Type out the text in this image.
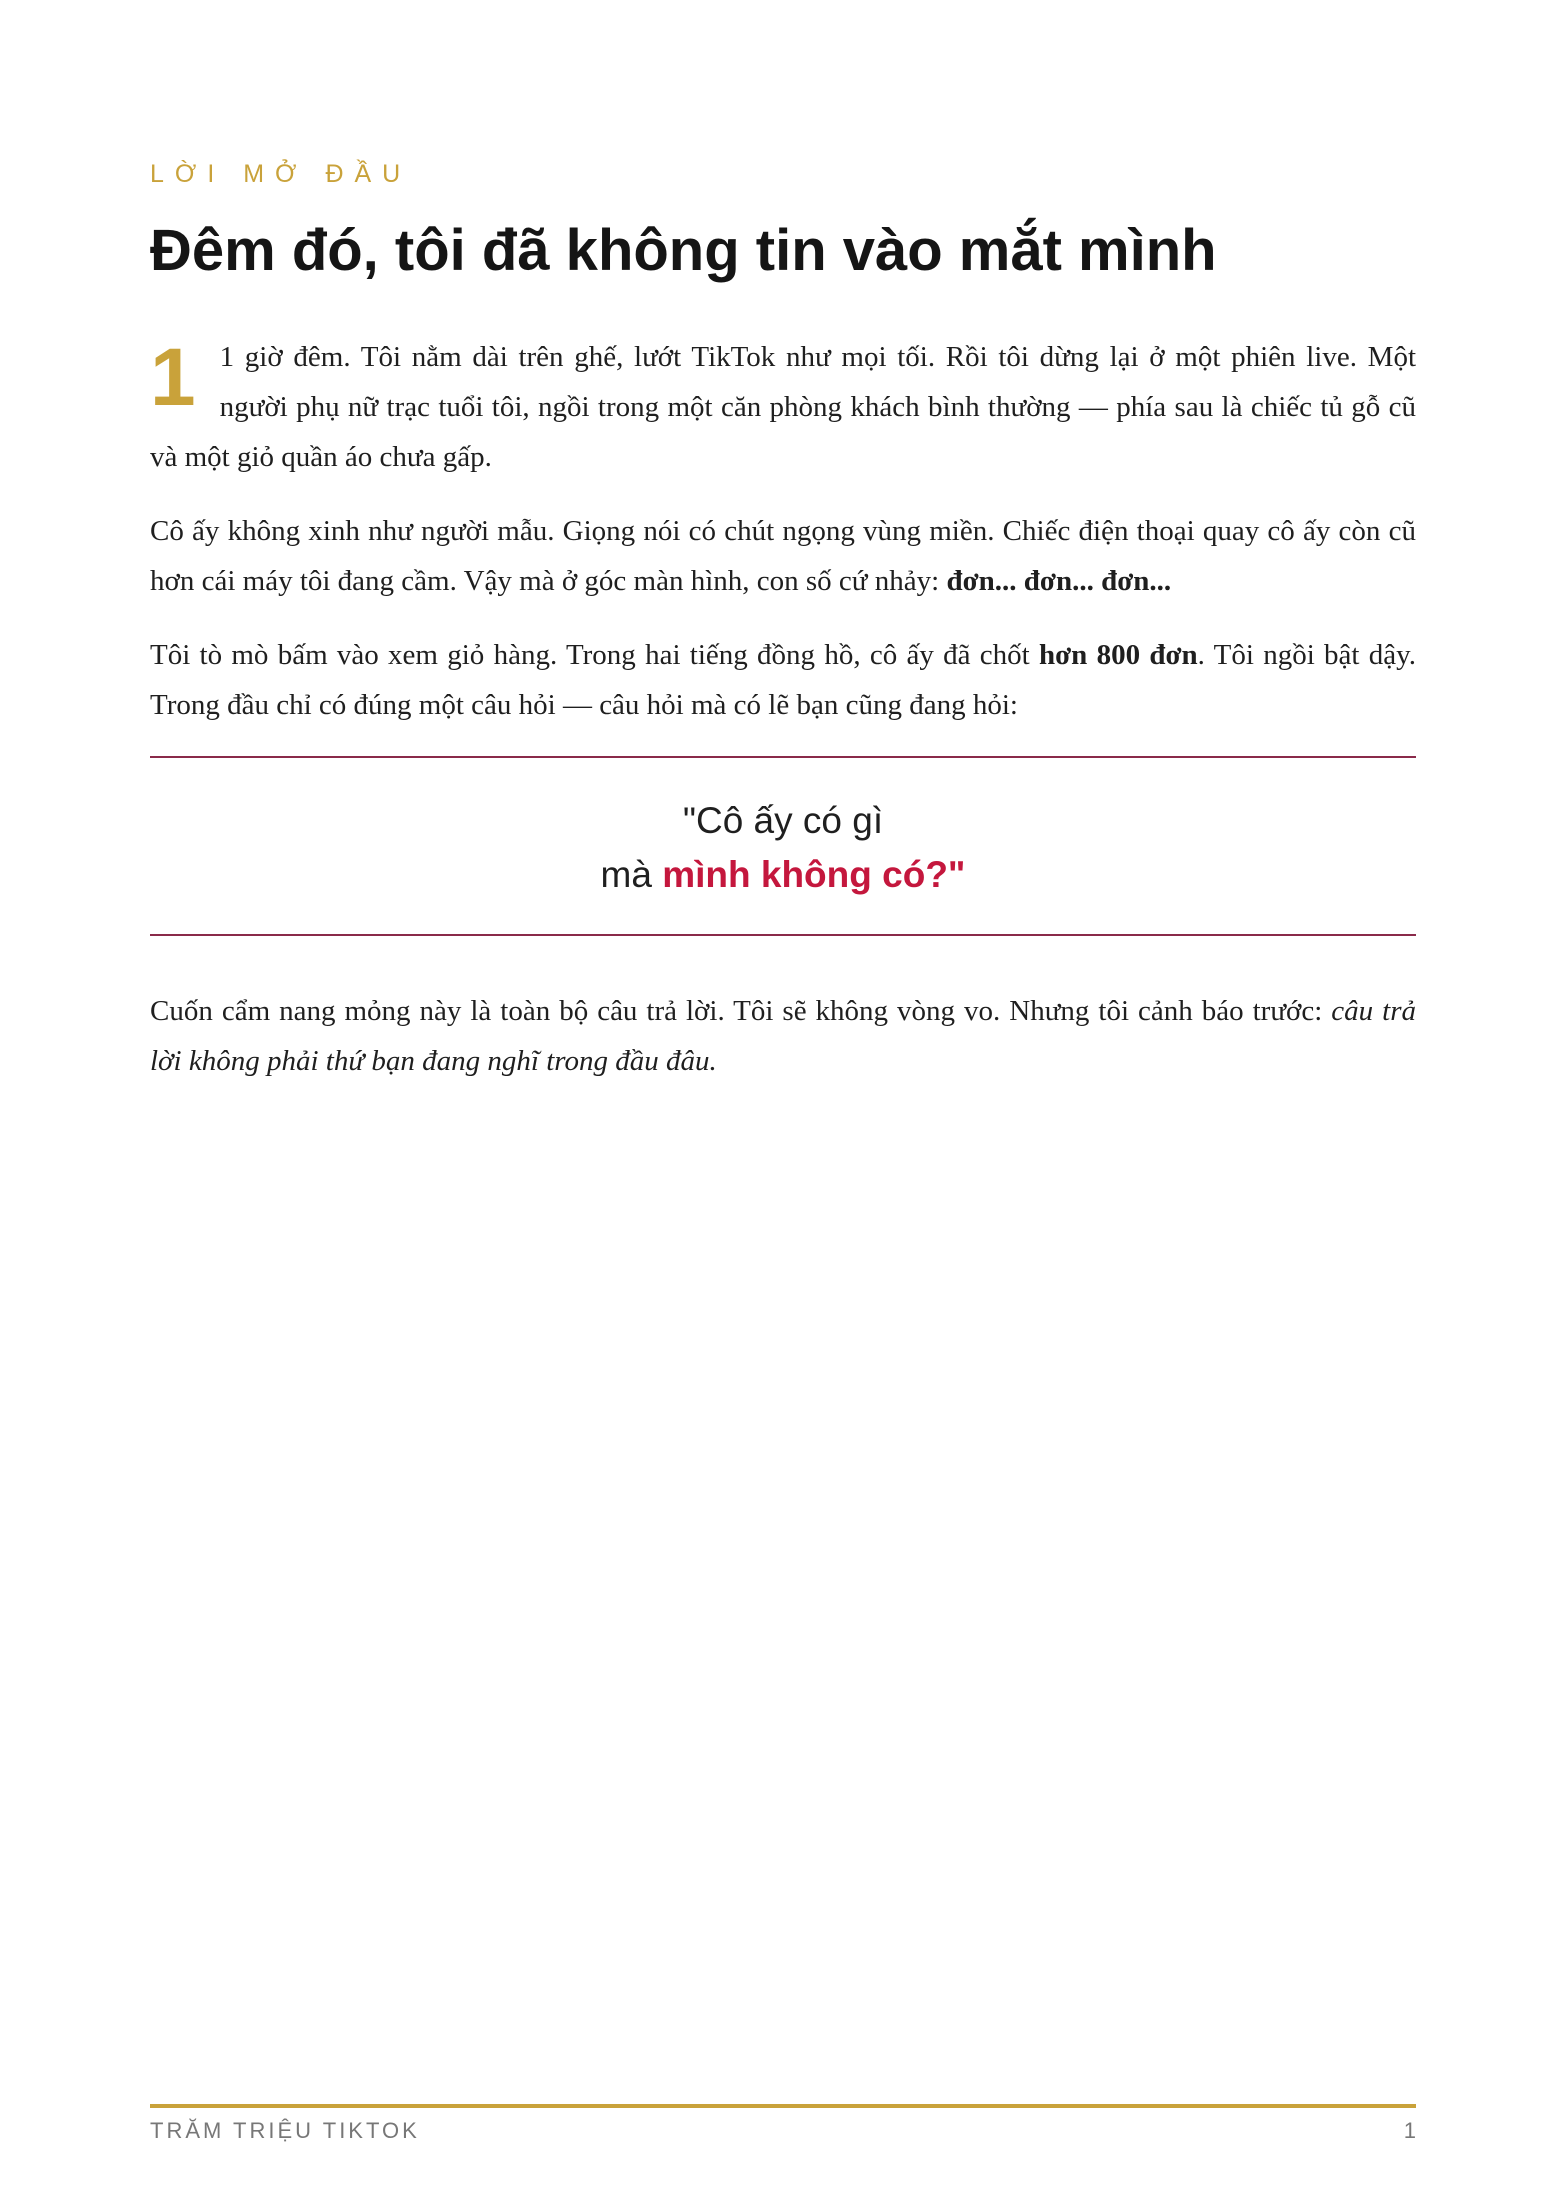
LỜI MỞ ĐẦU
Đêm đó, tôi đã không tin vào mắt mình

1 1 giờ đêm. Tôi nằm dài trên ghế, lướt TikTok như mọi tối. Rồi tôi dừng lại ở một phiên live. Một người phụ nữ trạc tuổi tôi, ngồi trong một căn phòng khách bình thường — phía sau là chiếc tủ gỗ cũ và một giỏ quần áo chưa gấp.

Cô ấy không xinh như người mẫu. Giọng nói có chút ngọng vùng miền. Chiếc điện thoại quay cô ấy còn cũ hơn cái máy tôi đang cầm. Vậy mà ở góc màn hình, con số cứ nhảy: đơn... đơn... đơn...

Tôi tò mò bấm vào xem giỏ hàng. Trong hai tiếng đồng hồ, cô ấy đã chốt hơn 800 đơn. Tôi ngồi bật dậy. Trong đầu chỉ có đúng một câu hỏi — câu hỏi mà có lẽ bạn cũng đang hỏi:

"Cô ấy có gì
mà mình không có?"

Cuốn cẩm nang mỏng này là toàn bộ câu trả lời. Tôi sẽ không vòng vo. Nhưng tôi cảnh báo trước: câu trả lời không phải thứ bạn đang nghĩ trong đầu đâu.

TRĂM TRIỆU TIKTOK	1
